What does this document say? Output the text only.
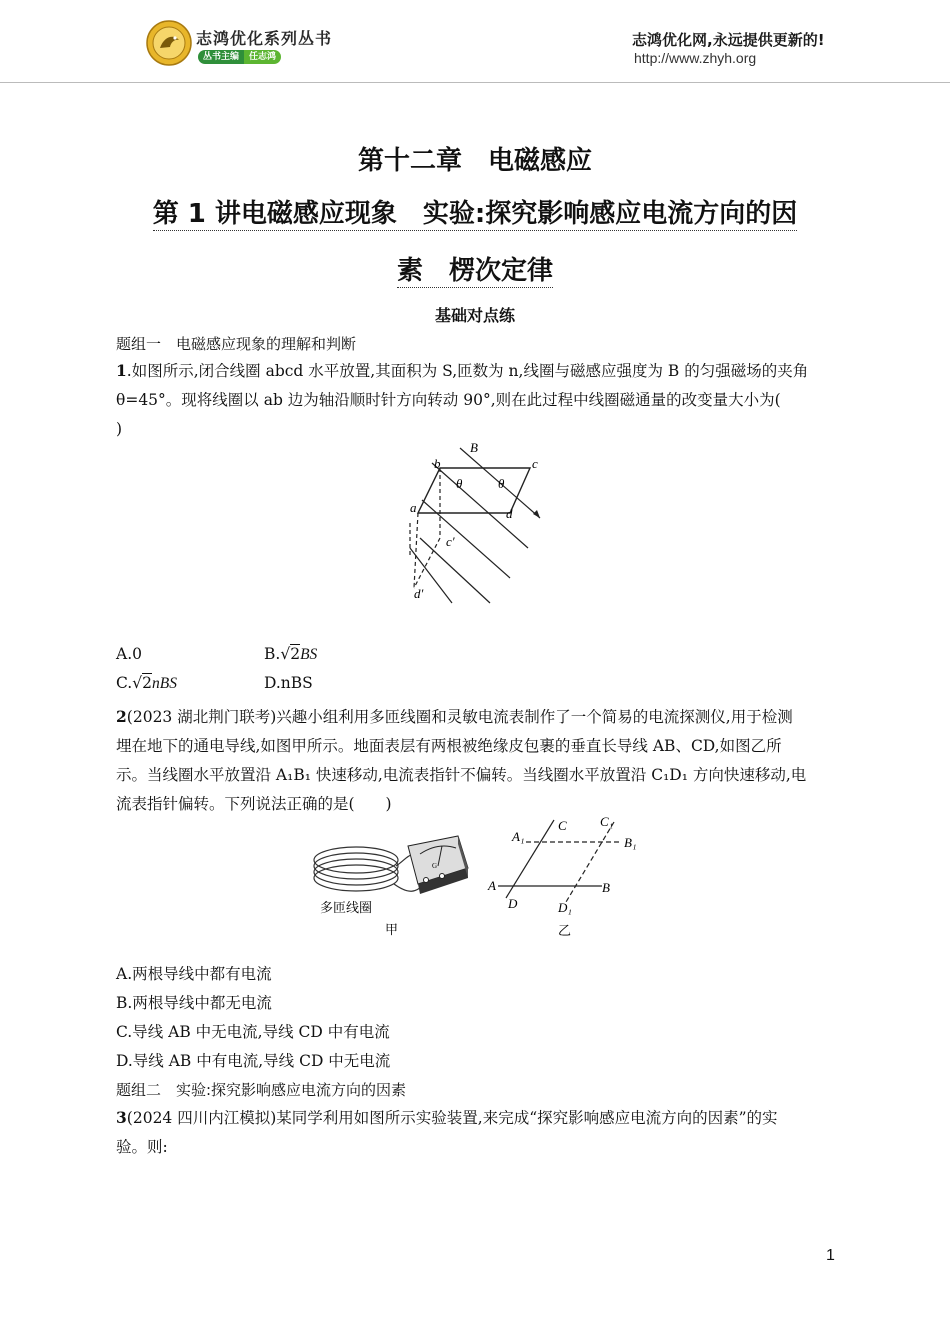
志鸿优化系列丛书
丛书主编 任志鸿
志鸿优化网,永远提供更新的!
http://www.zhyh.org
第十二章　电磁感应
第 1 讲电磁感应现象　实验:探究影响感应电流方向的因
素　楞次定律
基础对点练
题组一　电磁感应现象的理解和判断
1.如图所示,闭合线圈 abcd 水平放置,其面积为 S,匝数为 n,线圈与磁感应强度为 B 的匀强磁场的夹角
θ=45°。现将线圈以 ab 边为轴沿顺时针方向转动 90°,则在此过程中线圈磁通量的改变量大小为(
)
B
b	c
a	d
θ	θ
c′
d′
A.0	B.√2BS
C.√2nBS	D.nBS
2(2023 湖北荆门联考)兴趣小组利用多匝线圈和灵敏电流表制作了一个简易的电流探测仪,用于检测
埋在地下的通电导线,如图甲所示。地面表层有两根被绝缘皮包裹的垂直长导线 AB、CD,如图乙所
示。当线圈水平放置沿 A₁B₁ 快速移动,电流表指针不偏转。当线圈水平放置沿 C₁D₁ 方向快速移动,电
流表指针偏转。下列说法正确的是(　　)
G
多匝线圈
甲
A₁
C	C₁
B₁
A	B
D	D₁
乙
A.两根导线中都有电流
B.两根导线中都无电流
C.导线 AB 中无电流,导线 CD 中有电流
D.导线 AB 中有电流,导线 CD 中无电流
题组二　实验:探究影响感应电流方向的因素
3(2024 四川内江模拟)某同学利用如图所示实验装置,来完成“探究影响感应电流方向的因素”的实
验。则:
1
